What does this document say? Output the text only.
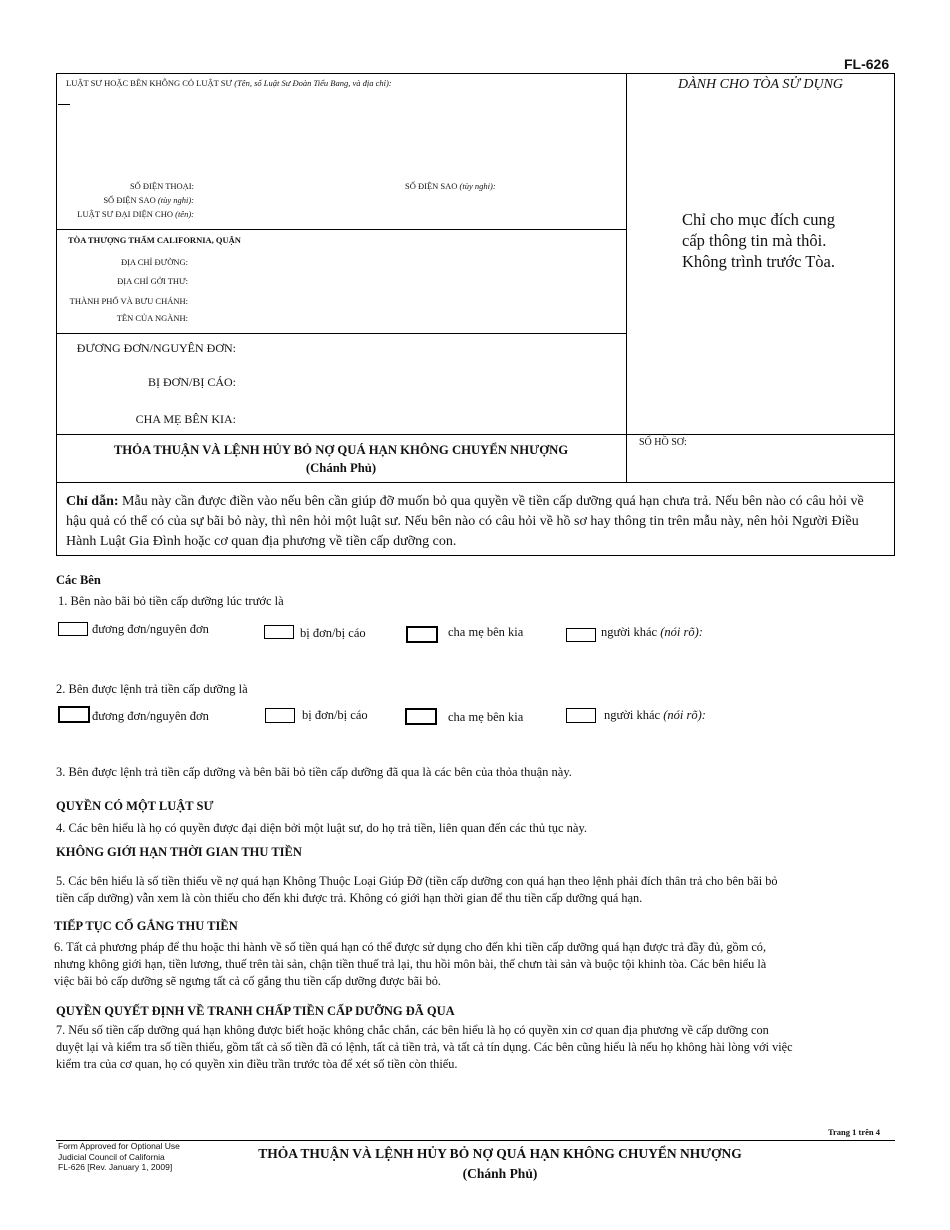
FL-626
LUẬT SƯ HOẶC BÊN KHÔNG CÓ LUẬT SƯ (Tên, số Luật Sư Đoàn Tiểu Bang, và địa chỉ):
SỐ ĐIỆN THOẠI:
SỐ ĐIỆN SAO (tùy nghi):
LUẬT SƯ ĐẠI DIỆN CHO (tên):
SỐ ĐIỆN SAO (tùy nghi):
TÒA THƯỢNG THẨM CALIFORNIA, QUẬN
ĐỊA CHỈ ĐƯỜNG:
ĐỊA CHỈ GỞI THƯ:
THÀNH PHỐ VÀ BƯU CHÁNH:
TÊN CỦA NGÀNH:
ĐƯƠNG ĐƠN/NGUYÊN ĐƠN:
BỊ ĐƠN/BỊ CÁO:
CHA MẸ BÊN KIA:
DÀNH CHO TÒA SỬ DỤNG
Chỉ cho mục đích cung
cấp thông tin mà thôi.
Không trình trước Tòa.
THỎA THUẬN VÀ LỆNH HỦY BỎ NỢ QUÁ HẠN KHÔNG CHUYỂN NHƯỢNG
(Chánh Phủ)
SỐ HỒ SƠ:
Chỉ dẫn: Mẫu này cần được điền vào nếu bên cần giúp đỡ muốn bỏ qua quyền về tiền cấp dưỡng quá hạn chưa trả. Nếu bên nào có câu hỏi về hậu quả có thể có của sự bãi bỏ này, thì nên hỏi một luật sư. Nếu bên nào có câu hỏi về hồ sơ hay thông tin trên mẫu này, nên hỏi Người Điều Hành Luật Gia Đình hoặc cơ quan địa phương về tiền cấp dưỡng con.
Các Bên
1. Bên nào bãi bỏ tiền cấp dưỡng lúc trước là
đương đơn/nguyên đơn	bị đơn/bị cáo	cha mẹ bên kia	người khác (nói rõ):
2. Bên được lệnh trả tiền cấp dưỡng là
đương đơn/nguyên đơn	bị đơn/bị cáo	cha mẹ bên kia	người khác (nói rõ):
3. Bên được lệnh trả tiền cấp dưỡng và bên bãi bỏ tiền cấp dưỡng đã qua là các bên của thỏa thuận này.
QUYỀN CÓ MỘT LUẬT SƯ
4. Các bên hiểu là họ có quyền được đại diện bởi một luật sư, do họ trả tiền, liên quan đến các thủ tục này.
KHÔNG GIỚI HẠN THỜI GIAN THU TIỀN
5. Các bên hiểu là số tiền thiếu về nợ quá hạn Không Thuộc Loại Giúp Đỡ (tiền cấp dưỡng con quá hạn theo lệnh phải đích thân trả cho bên bãi bỏ
tiền cấp dưỡng) vẫn xem là còn thiếu cho đến khi được trả. Không có giới hạn thời gian để thu tiền cấp dưỡng quá hạn.
TIẾP TỤC CỐ GẮNG THU TIỀN
6. Tất cả phương pháp để thu hoặc thi hành về số tiền quá hạn có thể được sử dụng cho đến khi tiền cấp dưỡng quá hạn được trả đầy đủ, gồm có,
nhưng không giới hạn, tiền lương, thuế trên tài sản, chận tiền thuế trả lại, thu hồi môn bài, thế chưn tài sản và buộc tội khinh tòa. Các bên hiểu là
việc bãi bỏ cấp dưỡng sẽ ngưng tất cả cố gắng thu tiền cấp dưỡng được bãi bỏ.
QUYỀN QUYẾT ĐỊNH VỀ TRANH CHẤP TIỀN CẤP DƯỠNG ĐÃ QUA
7. Nếu số tiền cấp dưỡng quá hạn không được biết hoặc không chắc chắn, các bên hiểu là họ có quyền xin cơ quan địa phương về cấp dưỡng con
duyệt lại và kiểm tra số tiền thiếu, gồm tất cả số tiền đã có lệnh, tất cả tiền trả, và tất cả tín dụng. Các bên cũng hiểu là nếu họ không hài lòng với việc
kiểm tra của cơ quan, họ có quyền xin điều trần trước tòa để xét số tiền còn thiếu.
Trang 1 trên 4
Form Approved for Optional Use
Judicial Council of California
FL-626 [Rev. January 1, 2009]
THỎA THUẬN VÀ LỆNH HỦY BỎ NỢ QUÁ HẠN KHÔNG CHUYỂN NHƯỢNG
(Chánh Phủ)
